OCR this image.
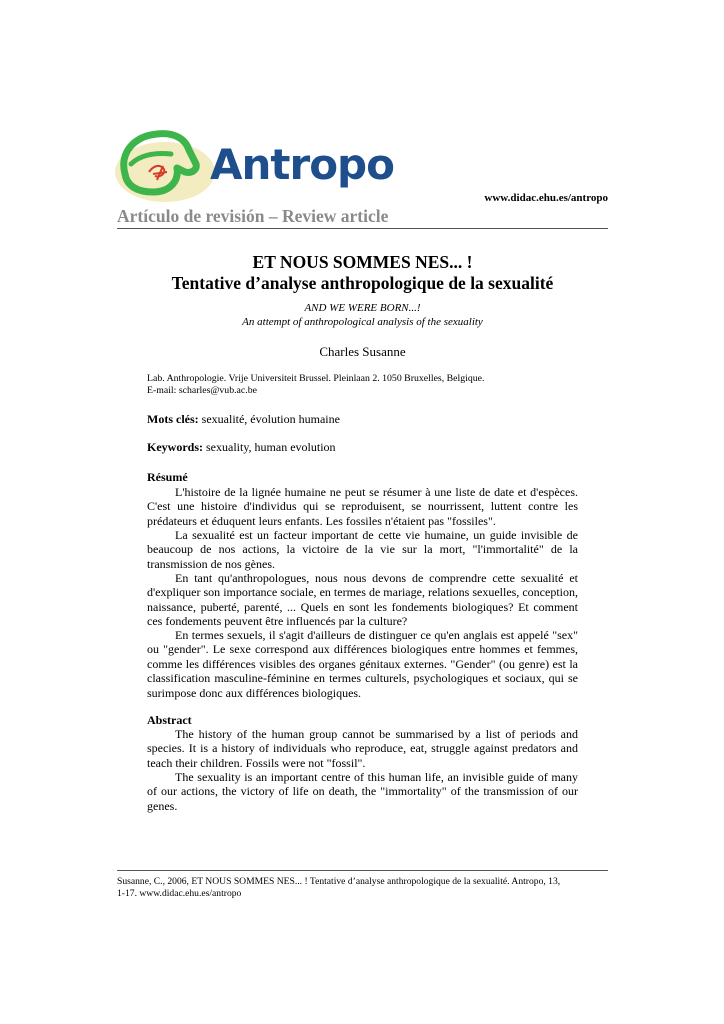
Antropo
www.didac.ehu.es/antropo
Artículo de revisión – Review article
ET NOUS SOMMES NES... !
Tentative d’analyse anthropologique de la sexualité
AND WE WERE BORN...!
An attempt of anthropological analysis of the sexuality
Charles Susanne
Lab. Anthropologie. Vrije Universiteit Brussel. Pleinlaan 2. 1050 Bruxelles, Belgique.
E-mail: scharles@vub.ac.be
Mots clés: sexualité, évolution humaine
Keywords: sexuality, human evolution
Résumé

L'histoire de la lignée humaine ne peut se résumer à une liste de date et d'espèces. C'est une histoire d'individus qui se reproduisent, se nourrissent, luttent contre les prédateurs et éduquent leurs enfants. Les fossiles n'étaient pas "fossiles".

La sexualité est un facteur important de cette vie humaine, un guide invisible de beaucoup de nos actions, la victoire de la vie sur la mort, "l'immortalité" de la transmission de nos gènes.

En tant qu'anthropologues, nous nous devons de comprendre cette sexualité et d'expliquer son importance sociale, en termes de mariage, relations sexuelles, conception, naissance, puberté, parenté, ... Quels en sont les fondements biologiques? Et comment ces fondements peuvent être influencés par la culture?

En termes sexuels, il s'agit d'ailleurs de distinguer ce qu'en anglais est appelé "sex" ou "gender". Le sexe correspond aux différences biologiques entre hommes et femmes, comme les différences visibles des organes génitaux externes. "Gender" (ou genre) est la classification masculine-féminine en termes culturels, psychologiques et sociaux, qui se surimpose donc aux différences biologiques.

Abstract

The history of the human group cannot be summarised by a list of periods and species. It is a history of individuals who reproduce, eat, struggle against predators and teach their children. Fossils were not "fossil".

The sexuality is an important centre of this human life, an invisible guide of many of our actions, the victory of life on death, the "immortality" of the transmission of our genes.

Susanne, C., 2006, ET NOUS SOMMES NES... ! Tentative d’analyse anthropologique de la sexualité. Antropo, 13,
1-17. www.didac.ehu.es/antropo
